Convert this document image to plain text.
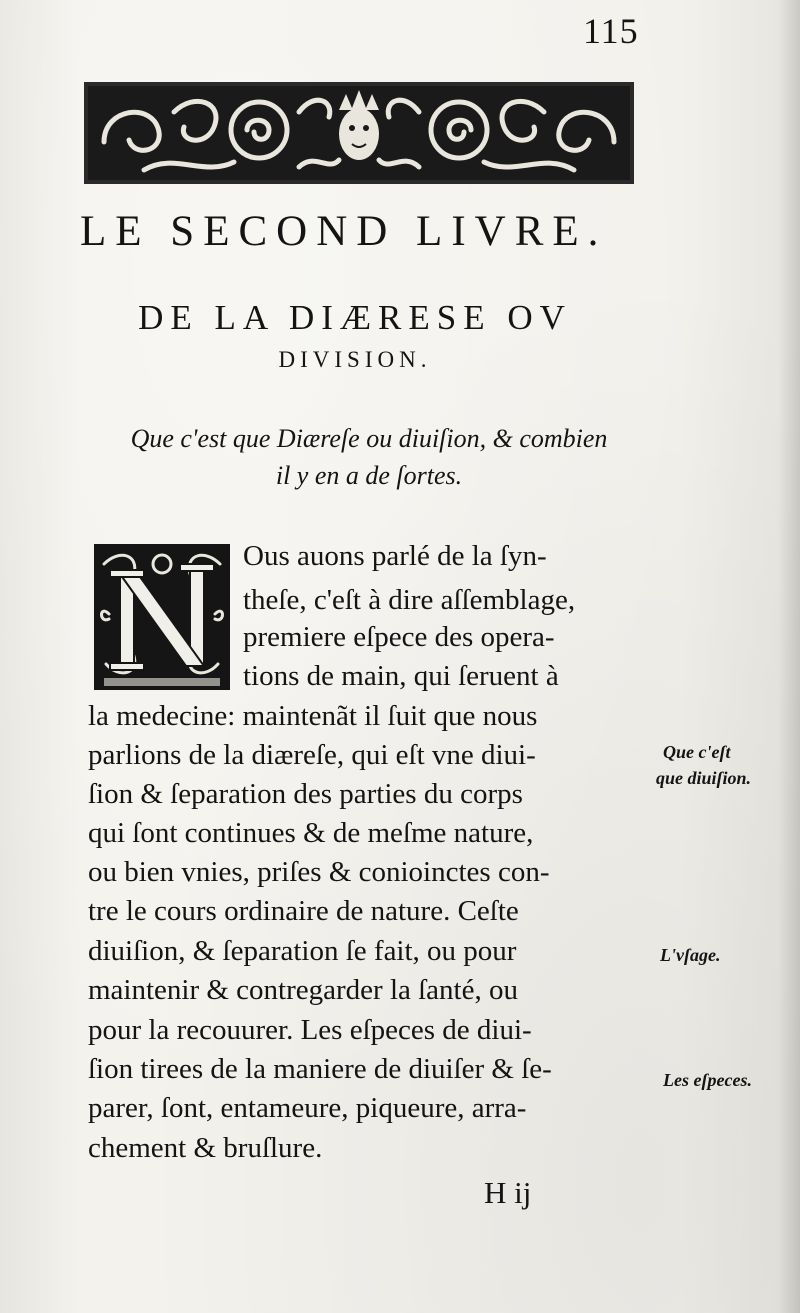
115
LE SECOND LIVRE.
DE LA DIÆRESE OV
DIVISION.
Que c'est que Diæreſe ou diuiſion, & combien
il y en a de ſortes.
Ous auons parlé de la ſyn-
theſe, c'eſt à dire aſſemblage,
premiere eſpece des opera-
tions de main, qui ſeruent à
la medecine: maintenãt il ſuit que nous
parlions de la diæreſe, qui eſt vne diui-
ſion & ſeparation des parties du corps
qui ſont continues & de meſme nature,
ou bien vnies, priſes & conioinctes con-
tre le cours ordinaire de nature. Ceſte
diuiſion, & ſeparation ſe fait, ou pour
maintenir & contregarder la ſanté, ou
pour la recouurer. Les eſpeces de diui-
ſion tirees de la maniere de diuiſer & ſe-
parer, ſont, entameure, piqueure, arra-
chement & bruſlure.
Que c'eſt
que diuiſion.
L'vſage.
Les eſpeces.
H ij
